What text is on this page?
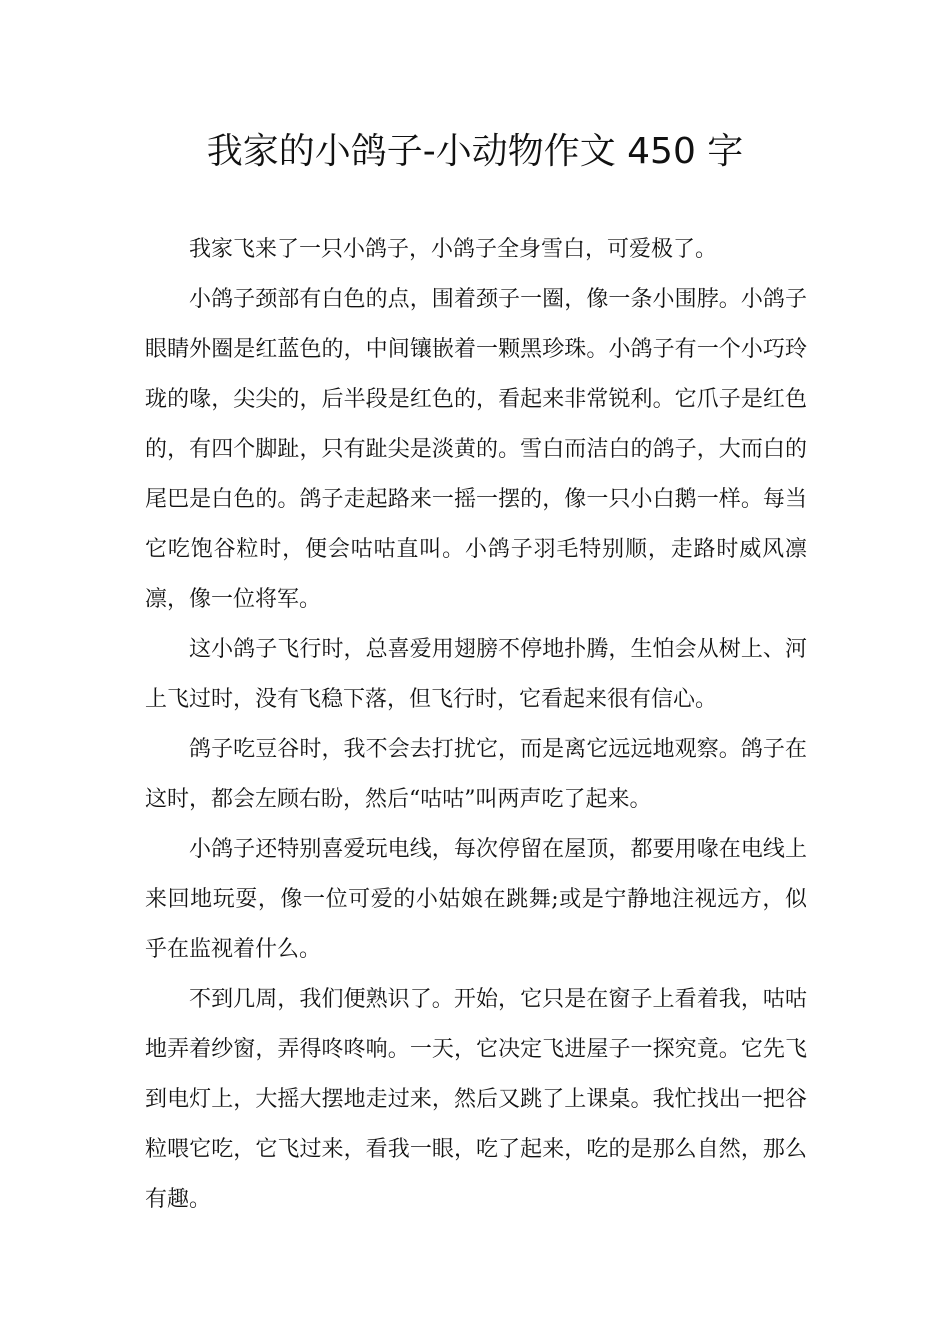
我家的小鸽子-小动物作文 450 字

我家飞来了一只小鸽子，小鸽子全身雪白，可爱极了。

小鸽子颈部有白色的点，围着颈子一圈，像一条小围脖。小鸽子眼睛外圈是红蓝色的，中间镶嵌着一颗黑珍珠。小鸽子有一个小巧玲珑的喙，尖尖的，后半段是红色的，看起来非常锐利。它爪子是红色的，有四个脚趾，只有趾尖是淡黄的。雪白而洁白的鸽子，大而白的尾巴是白色的。鸽子走起路来一摇一摆的，像一只小白鹅一样。每当它吃饱谷粒时，便会咕咕直叫。小鸽子羽毛特别顺，走路时威风凛凛，像一位将军。

这小鸽子飞行时，总喜爱用翅膀不停地扑腾，生怕会从树上、河上飞过时，没有飞稳下落，但飞行时，它看起来很有信心。

鸽子吃豆谷时，我不会去打扰它，而是离它远远地观察。鸽子在这时，都会左顾右盼，然后“咕咕”叫两声吃了起来。

小鸽子还特别喜爱玩电线，每次停留在屋顶，都要用喙在电线上来回地玩耍，像一位可爱的小姑娘在跳舞;或是宁静地注视远方，似乎在监视着什么。

不到几周，我们便熟识了。开始，它只是在窗子上看着我，咕咕地弄着纱窗，弄得咚咚响。一天，它决定飞进屋子一探究竟。它先飞到电灯上，大摇大摆地走过来，然后又跳了上课桌。我忙找出一把谷粒喂它吃，它飞过来，看我一眼，吃了起来，吃的是那么自然，那么有趣。
